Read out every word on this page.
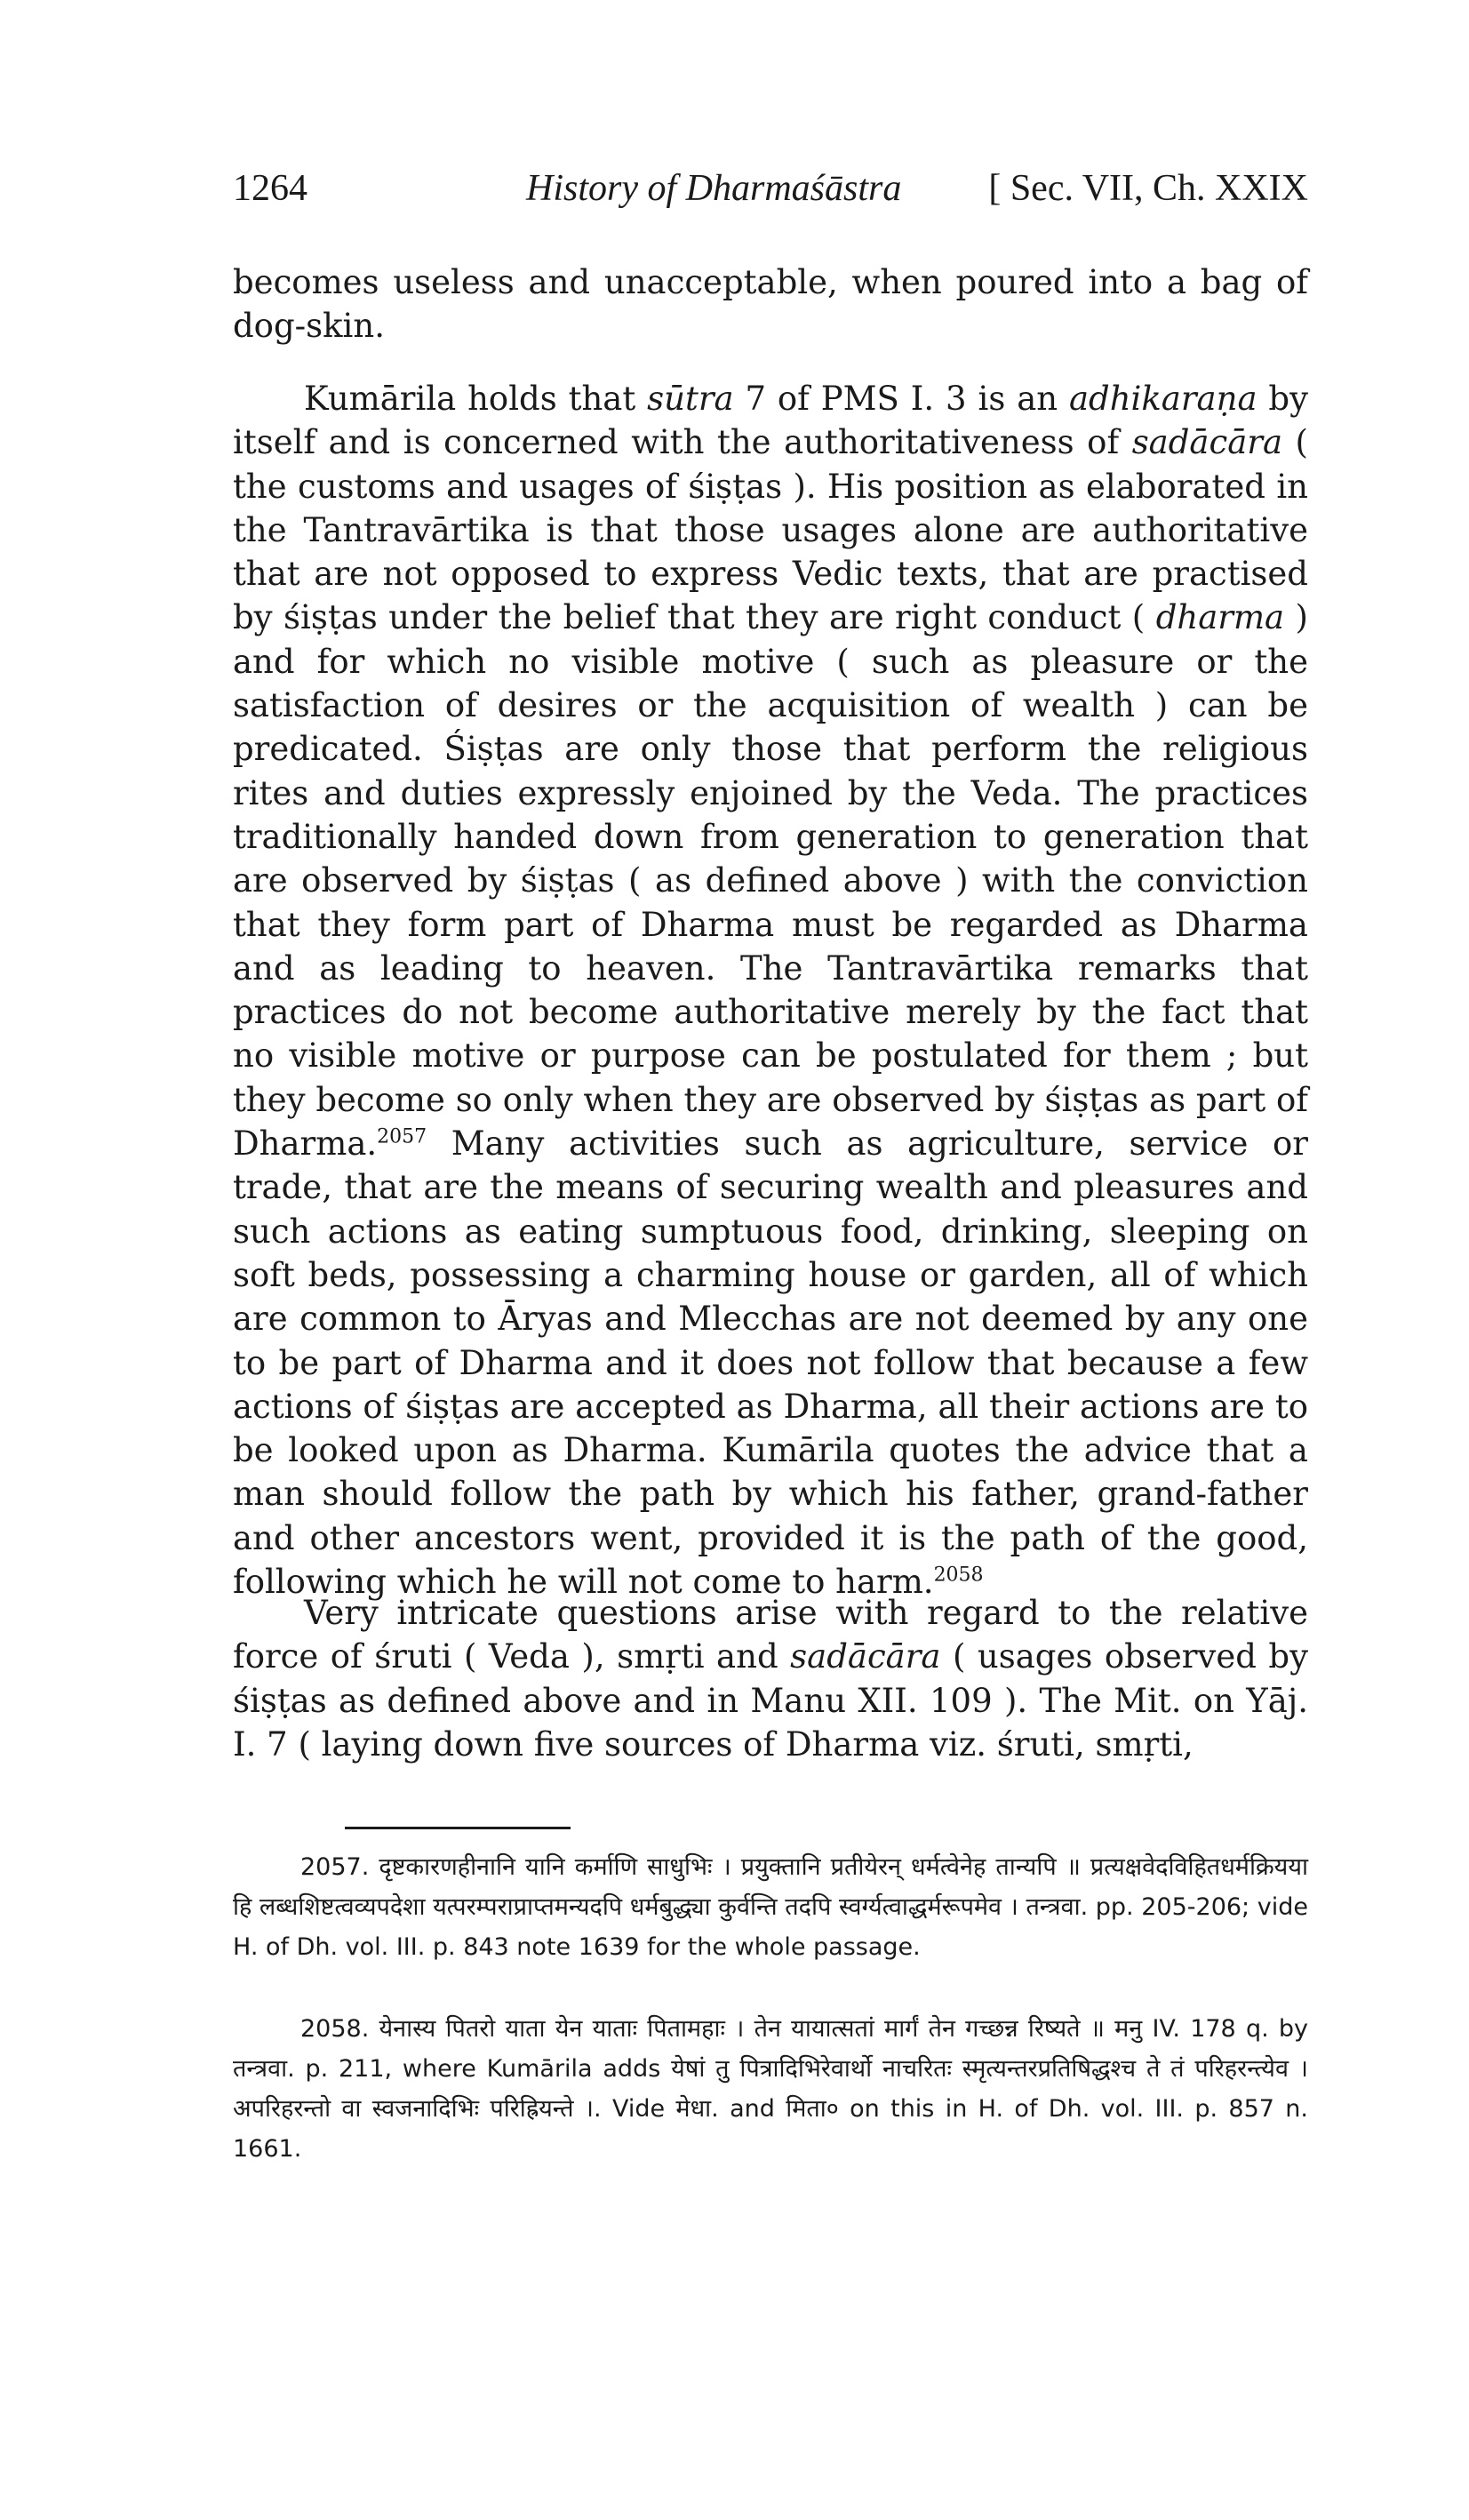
1264	History of Dharmaśāstra [ Sec. VII, Ch. XXIX

becomes useless and unacceptable, when poured into a bag of dog-skin.

Kumārila holds that sūtra 7 of PMS I. 3 is an adhikaraṇa by itself and is concerned with the authoritativeness of sadācāra ( the customs and usages of śiṣṭas ). His position as elaborated in the Tantravārtika is that those usages alone are authoritative that are not opposed to express Vedic texts, that are practised by śiṣṭas under the belief that they are right conduct ( dharma ) and for which no visible motive ( such as pleasure or the satisfaction of desires or the acquisition of wealth ) can be predicated. Śiṣṭas are only those that perform the religious rites and duties expressly enjoined by the Veda. The practices traditionally handed down from generation to generation that are observed by śiṣṭas ( as defined above ) with the conviction that they form part of Dharma must be regarded as Dharma and as leading to heaven. The Tantravārtika remarks that practices do not become authoritative merely by the fact that no visible motive or purpose can be postulated for them ; but they become so only when they are observed by śiṣṭas as part of Dharma.$^{2057}$ Many activities such as agriculture, service or trade, that are the means of securing wealth and pleasures and such actions as eating sumptuous food, drinking, sleeping on soft beds, possessing a charming house or garden, all of which are common to Āryas and Mlecchas are not deemed by any one to be part of Dharma and it does not follow that because a few actions of śiṣṭas are accepted as Dharma, all their actions are to be looked upon as Dharma. Kumārila quotes the advice that a man should follow the path by which his father, grand-father and other ancestors went, provided it is the path of the good, following which he will not come to harm.$^{2058}$

Very intricate questions arise with regard to the relative force of śruti ( Veda ), smṛti and sadācāra ( usages observed by śiṣṭas as defined above and in Manu XII. 109 ). The Mit. on Yāj. I. 7 ( laying down five sources of Dharma viz. śruti, smṛti,

2057. दृष्टकारणहीनानि यानि कर्माणि साधुभिः । प्रयुक्तानि प्रतीयेरन् धर्मत्वेनेह तान्यपि ॥ प्रत्यक्षवेदविहितधर्मक्रियया हि लब्धशिष्टत्वव्यपदेशा यत्परम्पराप्राप्तमन्यदपि धर्मबुद्ध्या कुर्वन्ति तदपि स्वर्ग्यत्वाद्धर्मरूपमेव । तन्त्रवा. pp. 205-206; vide H. of Dh. vol. III. p. 843 note 1639 for the whole passage.

2058. येनास्य पितरो याता येन याताः पितामहाः । तेन यायात्सतां मार्गं तेन गच्छन्न रिष्यते ॥ मनु IV. 178 q. by तन्त्रवा. p. 211, where Kumārila adds येषां तु पित्रादिभिरेवार्थो नाचरितः स्मृत्यन्तरप्रतिषिद्धश्च ते तं परिहरन्त्येव । अपरिहरन्तो वा स्वजनादिभिः परिह्रियन्ते ।. Vide मेधा. and मिता० on this in H. of Dh. vol. III. p. 857 n. 1661.
